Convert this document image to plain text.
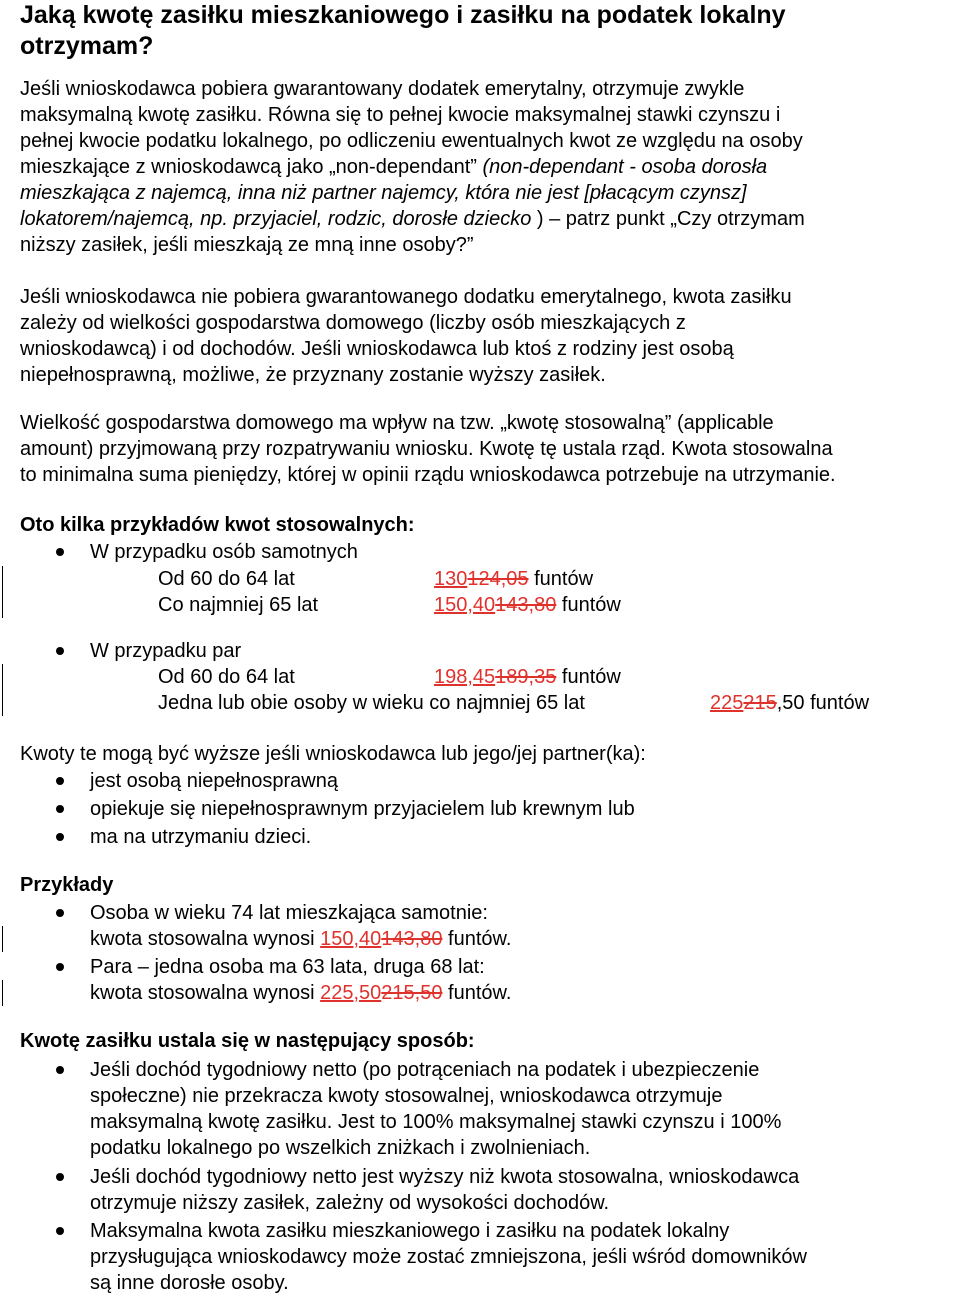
Jaką kwotę zasiłku mieszkaniowego i zasiłku na podatek lokalny
otrzymam?
Jeśli wnioskodawca pobiera gwarantowany dodatek emerytalny, otrzymuje zwykle
maksymalną kwotę zasiłku. Równa się to pełnej kwocie maksymalnej stawki czynszu i
pełnej kwocie podatku lokalnego, po odliczeniu ewentualnych kwot ze względu na osoby
mieszkające z wnioskodawcą jako „non-dependant” (non-dependant - osoba dorosła
mieszkająca z najemcą, inna niż partner najemcy, która nie jest [płacącym czynsz]
lokatorem/najemcą, np. przyjaciel, rodzic, dorosłe dziecko ) – patrz punkt „Czy otrzymam
niższy zasiłek, jeśli mieszkają ze mną inne osoby?”
Jeśli wnioskodawca nie pobiera gwarantowanego dodatku emerytalnego, kwota zasiłku
zależy od wielkości gospodarstwa domowego (liczby osób mieszkających z
wnioskodawcą) i od dochodów. Jeśli wnioskodawca lub ktoś z rodziny jest osobą
niepełnosprawną, możliwe, że przyznany zostanie wyższy zasiłek.
Wielkość gospodarstwa domowego ma wpływ na tzw. „kwotę stosowalną” (applicable
amount) przyjmowaną przy rozpatrywaniu wniosku. Kwotę tę ustala rząd. Kwota stosowalna
to minimalna suma pieniędzy, której w opinii rządu wnioskodawca potrzebuje na utrzymanie.
Oto kilka przykładów kwot stosowalnych:
W przypadku osób samotnych
Od 60 do 64 lat	130124,05 funtów
Co najmniej 65 lat	150,40143,80 funtów
W przypadku par
Od 60 do 64 lat	198,45189,35 funtów
Jedna lub obie osoby w wieku co najmniej 65 lat	225215,50 funtów
Kwoty te mogą być wyższe jeśli wnioskodawca lub jego/jej partner(ka):
jest osobą niepełnosprawną
opiekuje się niepełnosprawnym przyjacielem lub krewnym lub
ma na utrzymaniu dzieci.
Przykłady
Osoba w wieku 74 lat mieszkająca samotnie:
kwota stosowalna wynosi 150,40143,80 funtów.
Para – jedna osoba ma 63 lata, druga 68 lat:
kwota stosowalna wynosi 225,50215,50 funtów.
Kwotę zasiłku ustala się w następujący sposób:
Jeśli dochód tygodniowy netto (po potrąceniach na podatek i ubezpieczenie
społeczne) nie przekracza kwoty stosowalnej, wnioskodawca otrzymuje
maksymalną kwotę zasiłku. Jest to 100% maksymalnej stawki czynszu i 100%
podatku lokalnego po wszelkich zniżkach i zwolnieniach.
Jeśli dochód tygodniowy netto jest wyższy niż kwota stosowalna, wnioskodawca
otrzymuje niższy zasiłek, zależny od wysokości dochodów.
Maksymalna kwota zasiłku mieszkaniowego i zasiłku na podatek lokalny
przysługująca wnioskodawcy może zostać zmniejszona, jeśli wśród domowników
są inne dorosłe osoby.
